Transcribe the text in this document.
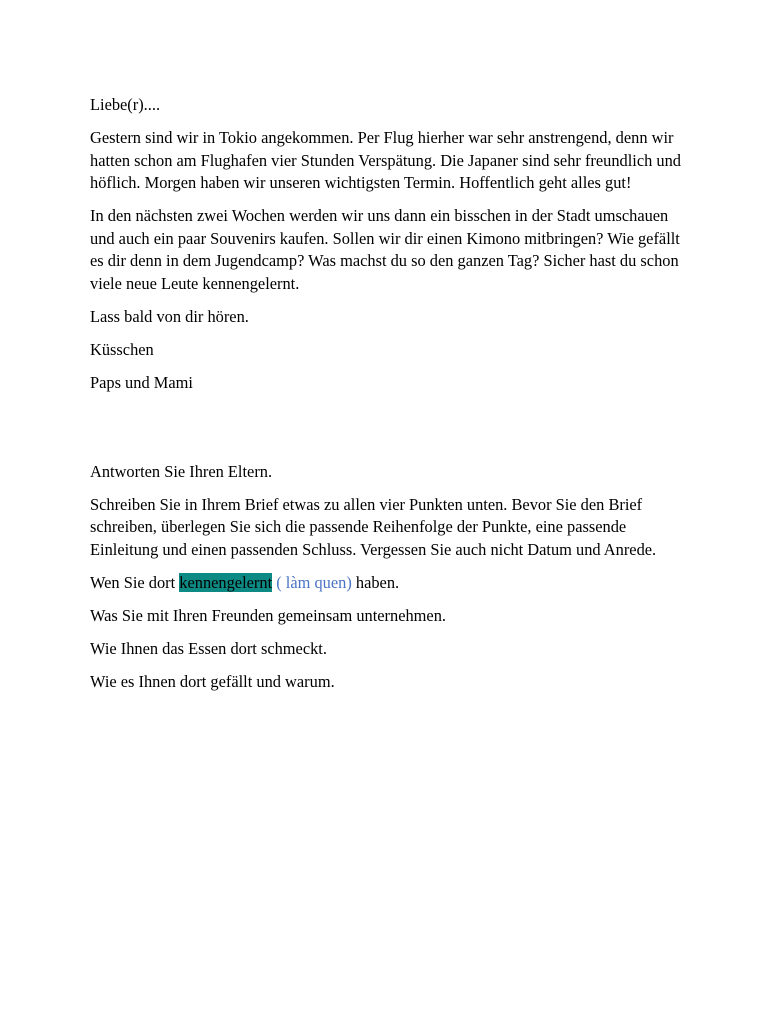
Liebe(r)....

Gestern sind wir in Tokio angekommen. Per Flug hierher war sehr anstrengend, denn wir hatten schon am Flughafen vier Stunden Verspätung. Die Japaner sind sehr freundlich und höflich. Morgen haben wir unseren wichtigsten Termin. Hoffentlich geht alles gut!

In den nächsten zwei Wochen werden wir uns dann ein bisschen in der Stadt umschauen und auch ein paar Souvenirs kaufen. Sollen wir dir einen Kimono mitbringen? Wie gefällt es dir denn in dem Jugendcamp? Was machst du so den ganzen Tag? Sicher hast du schon viele neue Leute kennengelernt.

Lass bald von dir hören.

Küsschen

Paps und Mami

Antworten Sie Ihren Eltern.

Schreiben Sie in Ihrem Brief etwas zu allen vier Punkten unten. Bevor Sie den Brief schreiben, überlegen Sie sich die passende Reihenfolge der Punkte, eine passende Einleitung und einen passenden Schluss. Vergessen Sie auch nicht Datum und Anrede.

Wen Sie dort kennengelernt ( làm quen) haben.

Was Sie mit Ihren Freunden gemeinsam unternehmen.

Wie Ihnen das Essen dort schmeckt.

Wie es Ihnen dort gefällt und warum.
